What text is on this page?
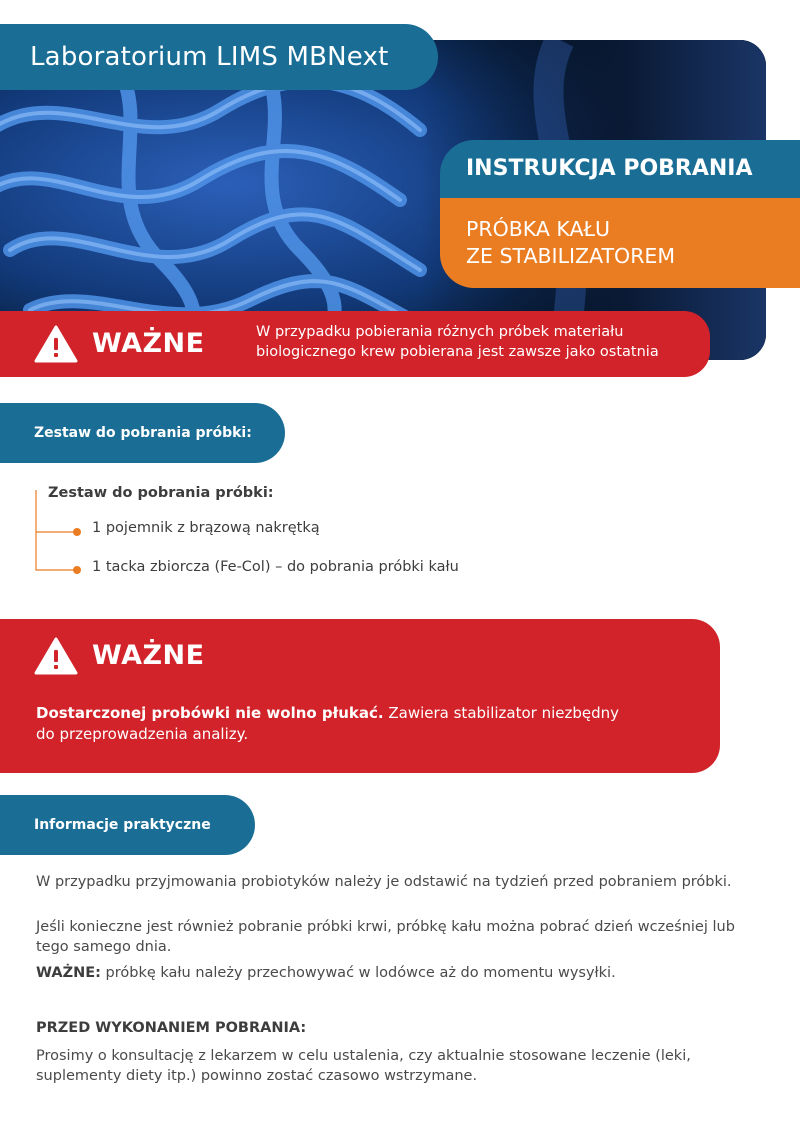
Laboratorium LIMS MBNext
INSTRUKCJA POBRANIA
PRÓBKA KAŁU
ZE STABILIZATOREM
WAŻNE	W przypadku pobierania różnych próbek materiału
biologicznego krew pobierana jest zawsze jako ostatnia
Zestaw do pobrania próbki:
Zestaw do pobrania próbki:
1 pojemnik z brązową nakrętką
1 tacka zbiorcza (Fe-Col) – do pobrania próbki kału
WAŻNE
Dostarczonej probówki nie wolno płukać. Zawiera stabilizator niezbędny
do przeprowadzenia analizy.
Informacje praktyczne
W przypadku przyjmowania probiotyków należy je odstawić na tydzień przed pobraniem próbki.
Jeśli konieczne jest również pobranie próbki krwi, próbkę kału można pobrać dzień wcześniej lub tego samego dnia.
WAŻNE: próbkę kału należy przechowywać w lodówce aż do momentu wysyłki.
PRZED WYKONANIEM POBRANIA:
Prosimy o konsultację z lekarzem w celu ustalenia, czy aktualnie stosowane leczenie (leki, suplementy diety itp.) powinno zostać czasowo wstrzymane.
